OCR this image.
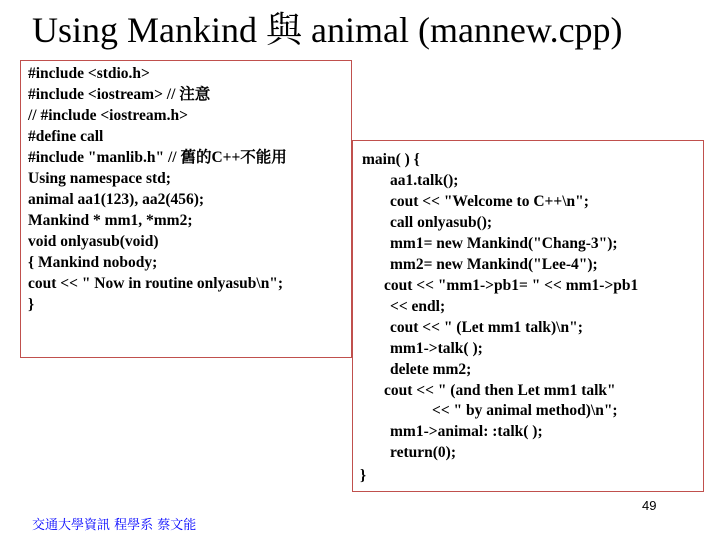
Using Mankind 與 animal (mannew.cpp)
#include <stdio.h>
#include <iostream> // 注意
// #include <iostream.h>
#define call
#include "manlib.h" // 舊的C++不能用
Using namespace std;
animal aa1(123), aa2(456);
Mankind * mm1, *mm2;
void onlyasub(void)
{ Mankind nobody;
cout << " Now in routine onlyasub\n";
}
main( ) {
aa1.talk();
cout << "Welcome to C++\n";
call onlyasub();
mm1= new Mankind("Chang-3");
mm2= new Mankind("Lee-4");
cout << "mm1->pb1= " << mm1->pb1
<< endl;
cout << " (Let mm1 talk)\n";
mm1->talk( );
delete mm2;
cout << " (and then Let mm1 talk"
<< " by animal method)\n";
mm1->animal: :talk( );
return(0);
}
49
交通大學資訊 程學系 蔡文能
